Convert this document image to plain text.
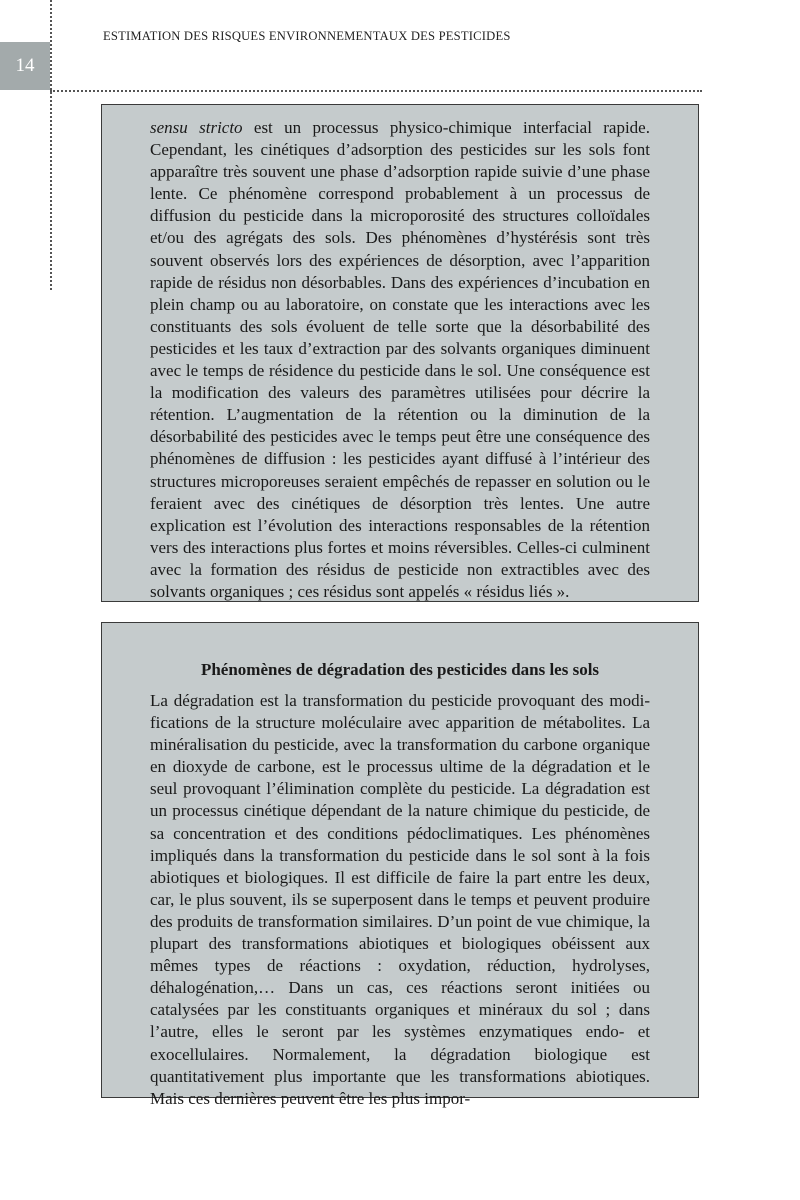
14
ESTIMATION DES RISQUES ENVIRONNEMENTAUX DES PESTICIDES

sensu stricto est un processus physico-chimique interfacial rapide. Cependant, les cinétiques d’adsorption des pesticides sur les sols font apparaître très souvent une phase d’adsorption rapide suivie d’une phase lente. Ce phénomène correspond probablement à un processus de diffusion du pesticide dans la microporosité des structures colloïdales et/ou des agrégats des sols. Des phénomènes d’hystérésis sont très souvent observés lors des expériences de désorption, avec l’apparition rapide de résidus non désorbables. Dans des expériences d’incubation en plein champ ou au laboratoire, on constate que les interactions avec les constituants des sols évoluent de telle sorte que la désorbabilité des pesticides et les taux d’extraction par des solvants organiques diminuent avec le temps de résidence du pesticide dans le sol. Une conséquence est la modification des valeurs des paramètres utilisées pour décrire la rétention. L’augmentation de la rétention ou la diminution de la désorbabilité des pesticides avec le temps peut être une conséquence des phénomènes de diffusion : les pesticides ayant diffusé à l’intérieur des structures microporeuses seraient empêchés de repasser en solution ou le feraient avec des cinétiques de désorption très lentes. Une autre explication est l’évolution des interactions responsables de la rétention vers des interactions plus fortes et moins réversibles. Celles-ci culminent avec la formation des résidus de pesticide non extractibles avec des solvants organiques ; ces résidus sont appelés « résidus liés ».

Phénomènes de dégradation des pesticides dans les sols

La dégradation est la transformation du pesticide provoquant des modifications de la structure moléculaire avec apparition de métabolites. La minéralisation du pesticide, avec la transformation du carbone organique en dioxyde de carbone, est le processus ultime de la dégradation et le seul provoquant l’élimination complète du pesticide. La dégradation est un processus cinétique dépendant de la nature chimique du pesticide, de sa concentration et des conditions pédoclimatiques. Les phénomènes impliqués dans la transformation du pesticide dans le sol sont à la fois abiotiques et biologiques. Il est difficile de faire la part entre les deux, car, le plus souvent, ils se superposent dans le temps et peuvent produire des produits de transformation similaires. D’un point de vue chimique, la plupart des transformations abiotiques et biologiques obéissent aux mêmes types de réactions : oxydation, réduction, hydrolyses, déhalogénation,… Dans un cas, ces réactions seront initiées ou catalysées par les constituants organiques et minéraux du sol ; dans l’autre, elles le seront par les systèmes enzymatiques endo- et exocellulaires. Normalement, la dégradation biologique est quantitativement plus importante que les transformations abiotiques. Mais ces dernières peuvent être les plus impor-
